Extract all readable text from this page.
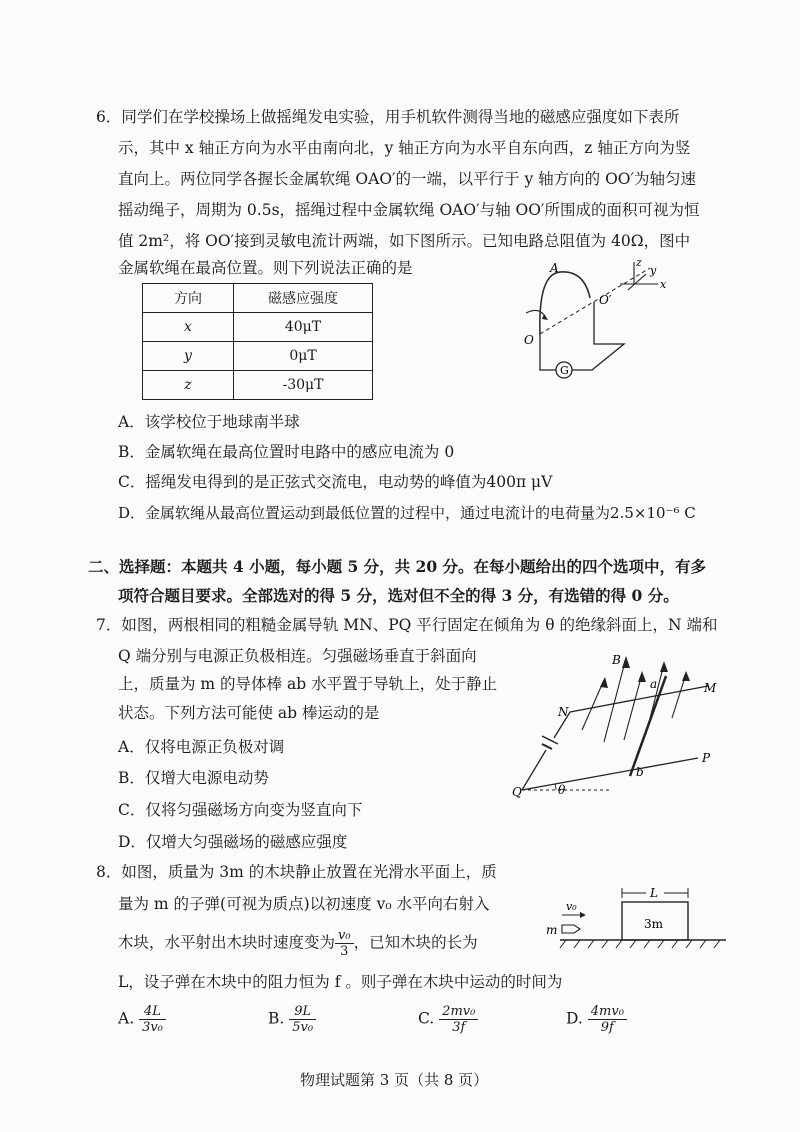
6．同学们在学校操场上做摇绳发电实验，用手机软件测得当地的磁感应强度如下表所
示，其中 x 轴正方向为水平由南向北，y 轴正方向为水平自东向西，z 轴正方向为竖
直向上。两位同学各握长金属软绳 OAO′的一端，以平行于 y 轴方向的 OO′为轴匀速
摇动绳子，周期为 0.5s，摇绳过程中金属软绳 OAO′与轴 OO′所围成的面积可视为恒
值 2m²，将 OO′接到灵敏电流计两端，如下图所示。已知电路总阻值为 40Ω，图中
金属软绳在最高位置。则下列说法正确的是
方向	磁感应强度
x	40μT
y	0μT
z	-30μT
G
A
O
O′
z
y
x
A．该学校位于地球南半球
B．金属软绳在最高位置时电路中的感应电流为 0
C．摇绳发电得到的是正弦式交流电，电动势的峰值为400π μV
D．金属软绳从最高位置运动到最低位置的过程中，通过电流计的电荷量为2.5×10⁻⁶ C
二、选择题：本题共 4 小题，每小题 5 分，共 20 分。在每小题给出的四个选项中，有多
项符合题目要求。全部选对的得 5 分，选对但不全的得 3 分，有选错的得 0 分。
7．如图，两根相同的粗糙金属导轨 MN、PQ 平行固定在倾角为 θ 的绝缘斜面上，N 端和
Q 端分别与电源正负极相连。匀强磁场垂直于斜面向
上，质量为 m 的导体棒 ab 水平置于导轨上，处于静止
状态。下列方法可能使 ab 棒运动的是
A．仅将电源正负极对调
B．仅增大电源电动势
C．仅将匀强磁场方向变为竖直向下
D．仅增大匀强磁场的磁感应强度
B
a	M
N
b
P
Q	θ
8．如图，质量为 3m 的木块静止放置在光滑水平面上，质
量为 m 的子弹(可视为质点)以初速度 v₀ 水平向右射入
木块，水平射出木块时速度变为 $\frac{\text{v₀}}{3}$ ，已知木块的长为
L，设子弹在木块中的阻力恒为 f 。则子弹在木块中运动的时间为
L
3m
v₀
m
A. $\frac{4L}{\text{3v₀}}$	B. $\frac{9L}{\text{5v₀}}$	C. $\frac{\text{2mv₀}}{3f}$	D. $\frac{\text{4mv₀}}{9f}$
物理试题第 3 页（共 8 页）
